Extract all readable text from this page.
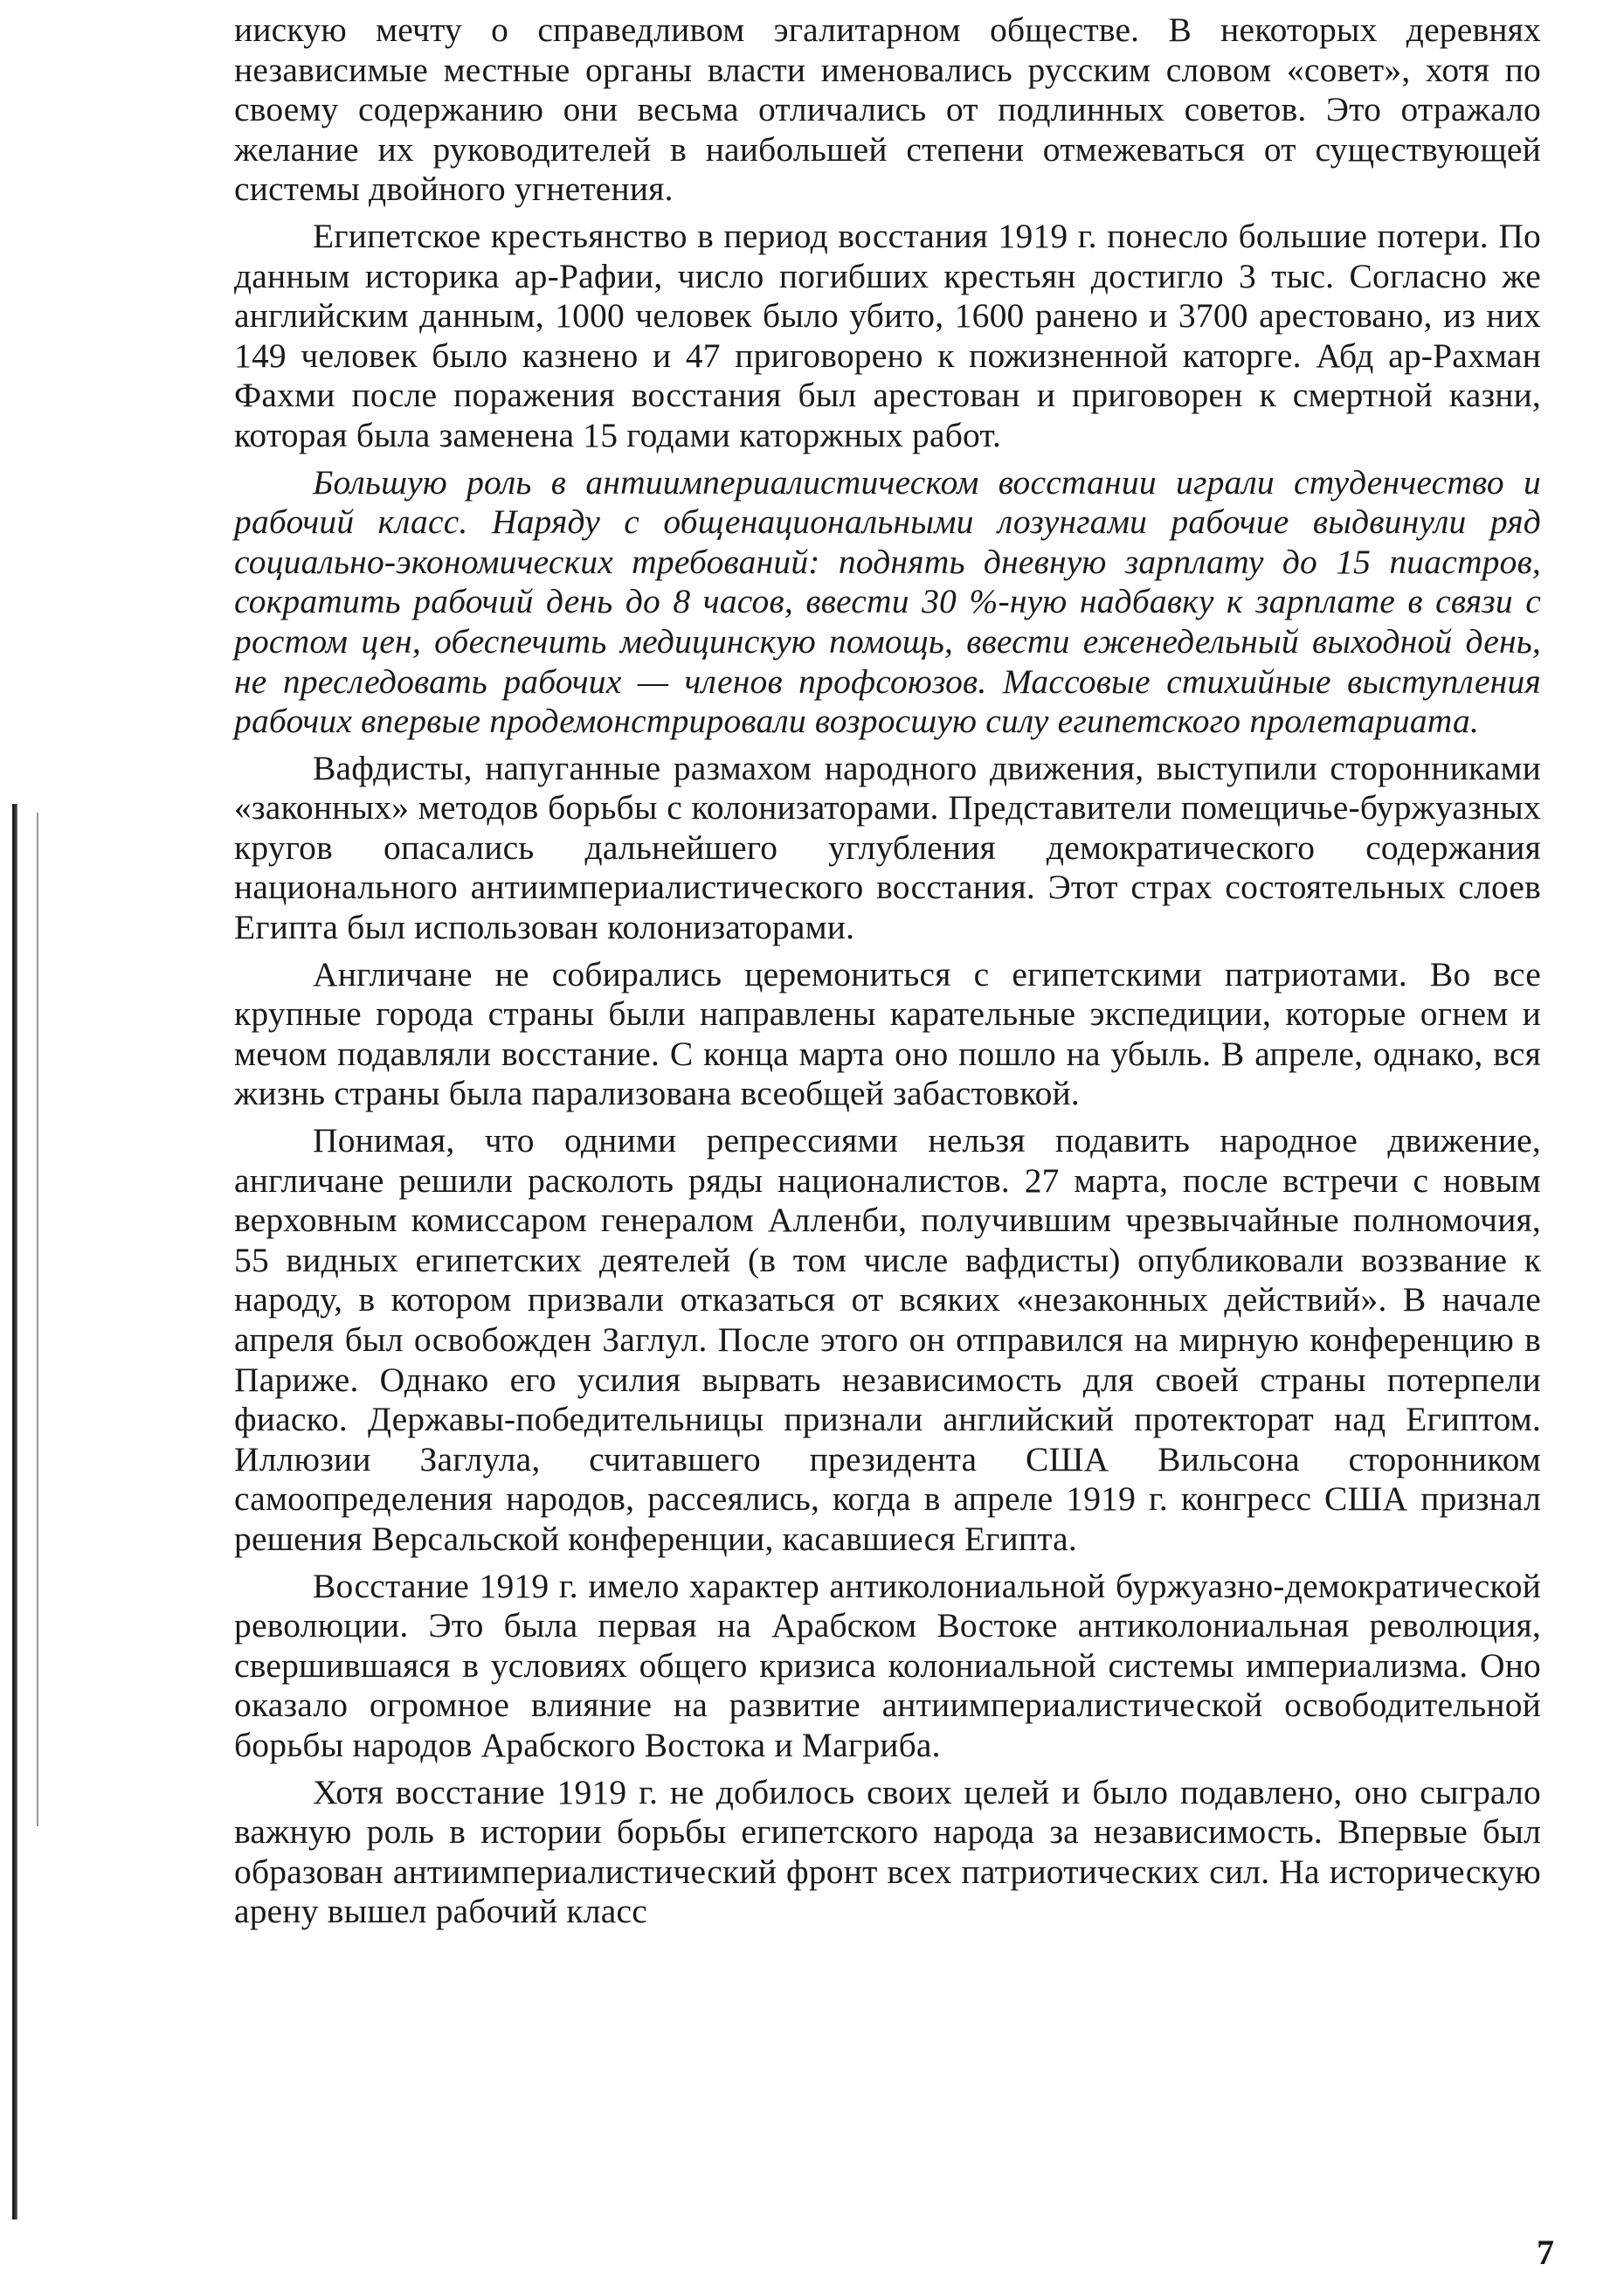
иискую мечту о справедливом эгалитарном обществе. В некоторых деревнях независимые местные органы власти именовались русским словом «совет», хотя по своему содержанию они весьма отличались от подлинных советов. Это отражало желание их руководителей в наибольшей степени отмежеваться от существующей системы двойного угнетения.

Египетское крестьянство в период восстания 1919 г. понесло большие потери. По данным историка ар-Рафии, число погибших крестьян достигло 3 тыс. Согласно же английским данным, 1000 человек было убито, 1600 ранено и 3700 арестовано, из них 149 человек было казнено и 47 приговорено к пожизненной каторге. Абд ар-Рахман Фахми после поражения восстания был арестован и приговорен к смертной казни, которая была заменена 15 годами каторжных работ.

Большую роль в антиимпериалистическом восстании играли студенчество и рабочий класс. Наряду с общенациональными лозунгами рабочие выдвинули ряд социально-экономических требований: поднять дневную зарплату до 15 пиастров, сократить рабочий день до 8 часов, ввести 30 %-ную надбавку к зарплате в связи с ростом цен, обеспечить медицинскую помощь, ввести еженедельный выходной день, не преследовать рабочих — членов профсоюзов. Массовые стихийные выступления рабочих впервые продемонстрировали возросшую силу египетского пролетариата.

Вафдисты, напуганные размахом народного движения, выступили сторонниками «законных» методов борьбы с колонизаторами. Представители помещичье-буржуазных кругов опасались дальнейшего углубления демократического содержания национального антиимпериалистического восстания. Этот страх состоятельных слоев Египта был использован колонизаторами.

Англичане не собирались церемониться с египетскими патриотами. Во все крупные города страны были направлены карательные экспедиции, которые огнем и мечом подавляли восстание. С конца марта оно пошло на убыль. В апреле, однако, вся жизнь страны была парализована всеобщей забастовкой.

Понимая, что одними репрессиями нельзя подавить народное движение, англичане решили расколоть ряды националистов. 27 марта, после встречи с новым верховным комиссаром генералом Алленби, получившим чрезвычайные полномочия, 55 видных египетских деятелей (в том числе вафдисты) опубликовали воззвание к народу, в котором призвали отказаться от всяких «незаконных действий». В начале апреля был освобожден Заглул. После этого он отправился на мирную конференцию в Париже. Однако его усилия вырвать независимость для своей страны потерпели фиаско. Державы-победительницы признали английский протекторат над Египтом. Иллюзии Заглула, считавшего президента США Вильсона сторонником самоопределения народов, рассеялись, когда в апреле 1919 г. конгресс США признал решения Версальской конференции, касавшиеся Египта.

Восстание 1919 г. имело характер антиколониальной буржуазно-демократической революции. Это была первая на Арабском Востоке антиколониальная революция, свершившаяся в условиях общего кризиса колониальной системы империализма. Оно оказало огромное влияние на развитие антиимпериалистической освободительной борьбы народов Арабского Востока и Магриба.

Хотя восстание 1919 г. не добилось своих целей и было подавлено, оно сыграло важную роль в истории борьбы египетского народа за независимость. Впервые был образован антиимпериалистический фронт всех патриотических сил. На историческую арену вышел рабочий класс

7
